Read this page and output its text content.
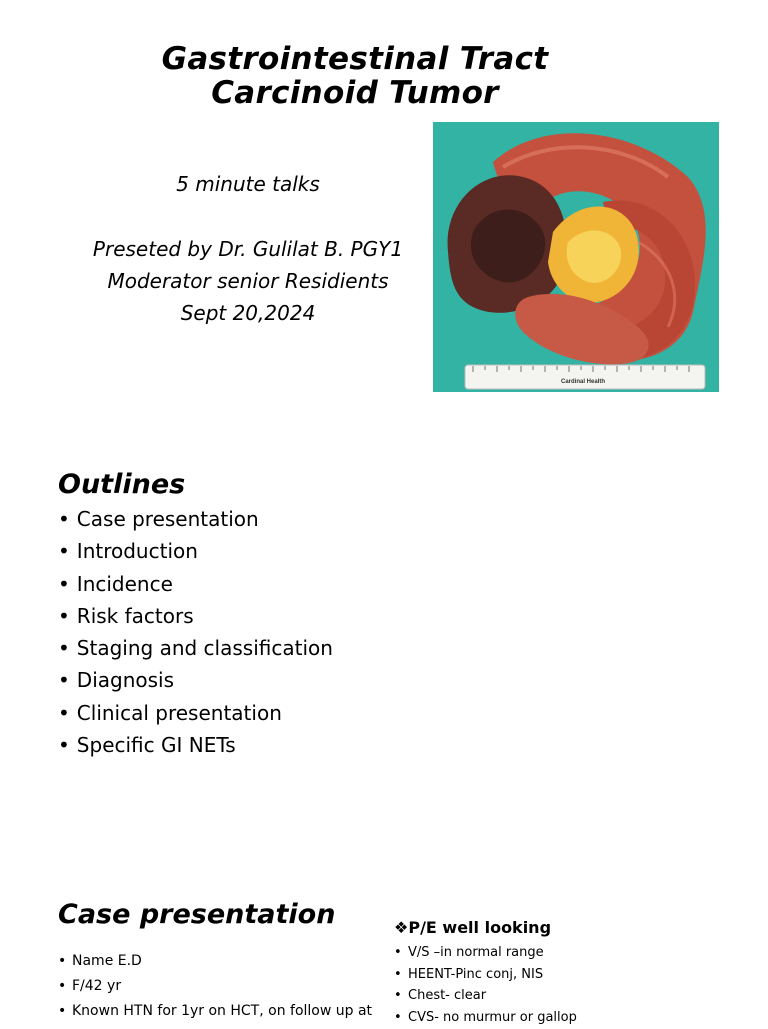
Gastrointestinal Tract
Carcinoid Tumor
5 minute talks
Preseted by Dr. Gulilat B. PGY1
Moderator senior Residients
Sept 20,2024
Cardinal Health
Outlines
• Case presentation
• Introduction
• Incidence
• Risk factors
• Staging and classification
• Diagnosis
• Clinical presentation
• Specific GI NETs
Case presentation
• Name E.D
• F/42 yr
• Known HTN for 1yr on HCT, on follow up at
❖P/E well looking
• V/S –in normal range
• HEENT-Pinc conj, NIS
• Chest- clear
• CVS- no murmur or gallop
